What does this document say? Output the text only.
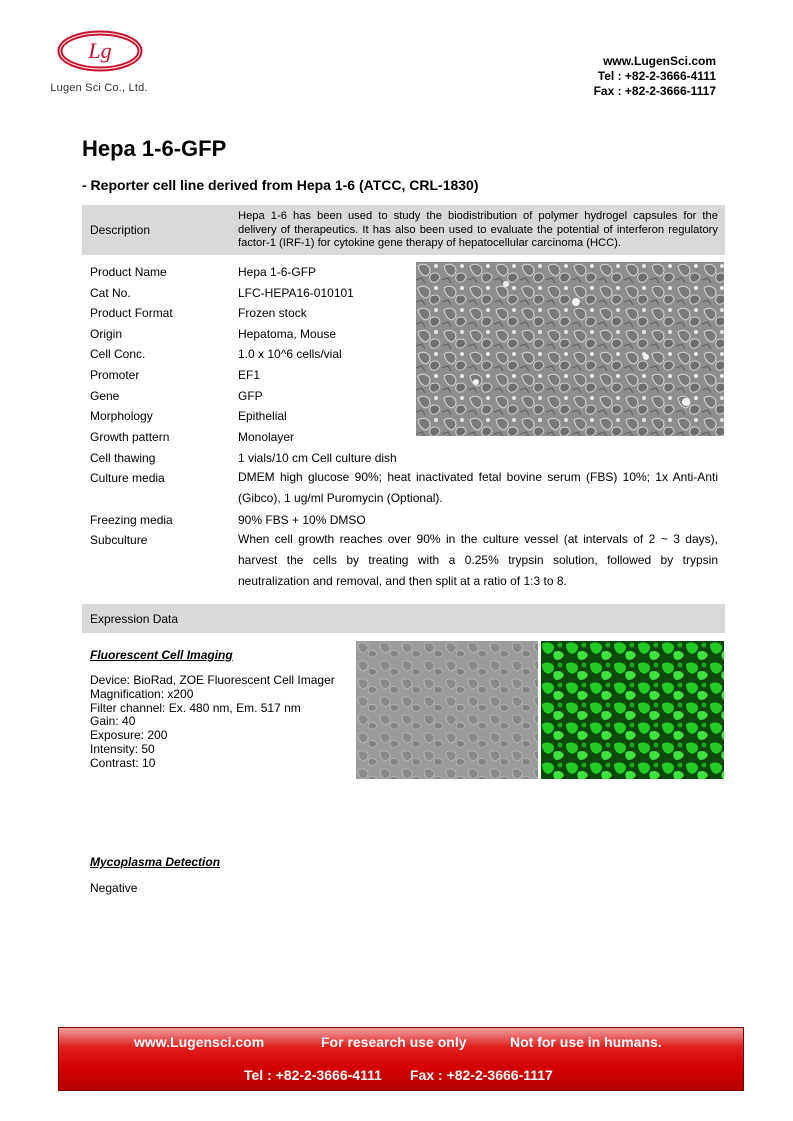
Lg
Lugen Sci Co., Ltd.
www.LugenSci.com
Tel : +82-2-3666-4111
Fax : +82-2-3666-1117
Hepa 1-6-GFP
- Reporter cell line derived from Hepa 1-6 (ATCC, CRL-1830)
Description
Hepa 1-6 has been used to study the biodistribution of polymer hydrogel capsules for the delivery of therapeutics. It has also been used to evaluate the potential of interferon regulatory factor-1 (IRF-1) for cytokine gene therapy of hepatocellular carcinoma (HCC).
Product Name	Hepa 1-6-GFP
Cat No.	LFC-HEPA16-010101
Product Format	Frozen stock
Origin	Hepatoma, Mouse
Cell Conc.	1.0 x 10^6 cells/vial
Promoter	EF1
Gene	GFP
Morphology	Epithelial
Growth pattern	Monolayer
Cell thawing	1 vials/10 cm Cell culture dish
Culture media	DMEM high glucose 90%; heat inactivated fetal bovine serum (FBS) 10%; 1x Anti-Anti (Gibco), 1 ug/ml Puromycin (Optional).
Freezing media	90% FBS + 10% DMSO
Subculture	When cell growth reaches over 90% in the culture vessel (at intervals of 2 ~ 3 days), harvest the cells by treating with a 0.25% trypsin solution, followed by trypsin neutralization and removal, and then split at a ratio of 1:3 to 8.
Expression Data
Fluorescent Cell Imaging
Device: BioRad, ZOE Fluorescent Cell Imager
Magnification: x200
Filter channel: Ex. 480 nm, Em. 517 nm
Gain: 40
Exposure: 200
Intensity: 50
Contrast: 10
Mycoplasma Detection
Negative
www.Lugensci.com	For research use only	Not for use in humans.
Tel : +82-2-3666-4111 Fax : +82-2-3666-1117
